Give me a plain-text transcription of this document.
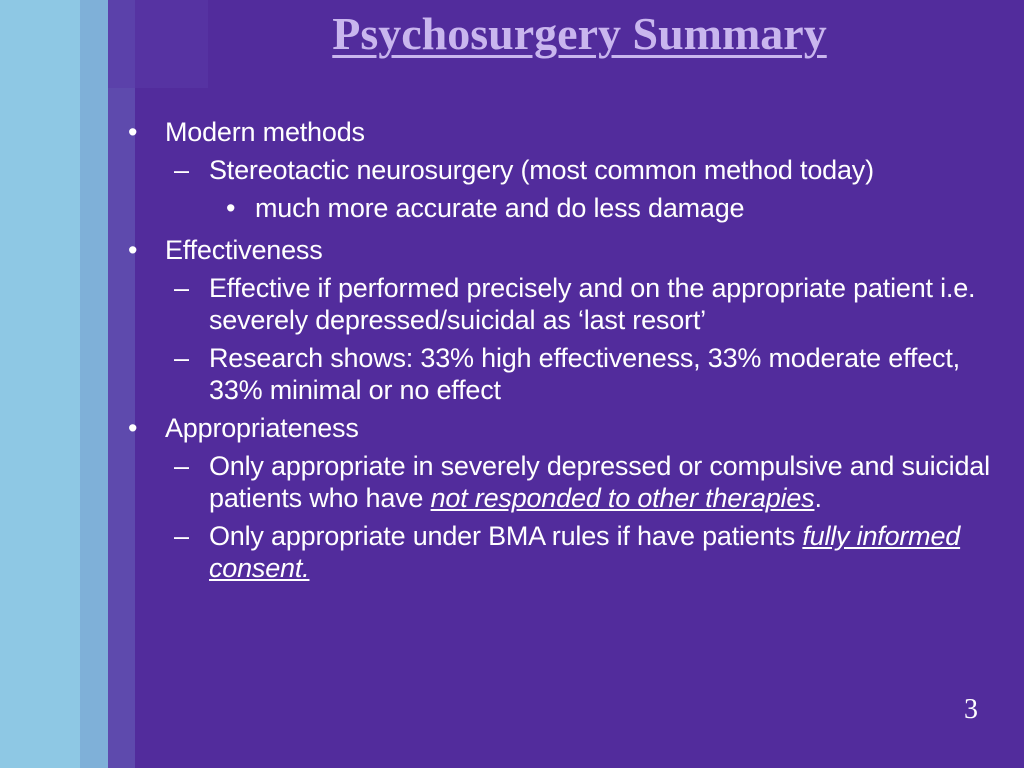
Psychosurgery Summary
• Modern methods
– Stereotactic neurosurgery (most common method today)
• much more accurate and do less damage
• Effectiveness
– Effective if performed precisely and on the appropriate patient i.e. severely depressed/suicidal as ‘last resort’
– Research shows: 33% high effectiveness, 33% moderate effect, 33% minimal or no effect
• Appropriateness
– Only appropriate in severely depressed or compulsive and suicidal patients who have not responded to other therapies.
– Only appropriate under BMA rules if have patients fully informed consent.
3
